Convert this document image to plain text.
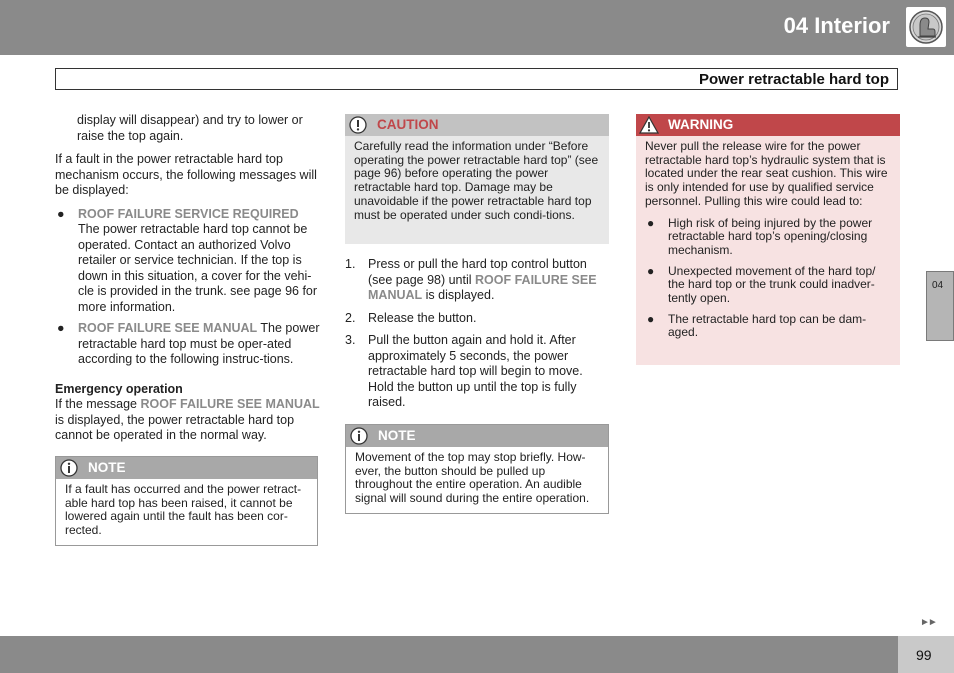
04 Interior
Power retractable hard top

display will disappear) and try to lower or raise the top again.

If a fault in the power retractable hard top mechanism occurs, the following messages will be displayed:

● ROOF FAILURE SERVICE REQUIRED The power retractable hard top cannot be operated. Contact an authorized Volvo retailer or service technician. If the top is down in this situation, a cover for the vehi-cle is provided in the trunk. see page 96 for more information.
● ROOF FAILURE SEE MANUAL The power retractable hard top must be oper-ated according to the following instruc-tions.
Emergency operation

If the message ROOF FAILURE SEE MANUAL is displayed, the power retractable hard top cannot be operated in the normal way.

NOTE
If a fault has occurred and the power retract-able hard top has been raised, it cannot be lowered again until the fault has been cor-rected.
CAUTION
Carefully read the information under “Before operating the power retractable hard top” (see page 96) before operating the power retractable hard top. Damage may be unavoidable if the power retractable hard top must be operated under such condi-tions.
1. Press or pull the hard top control button (see page 98) until ROOF FAILURE SEE MANUAL is displayed.
2. Release the button.
3. Pull the button again and hold it. After approximately 5 seconds, the power retractable hard top will begin to move. Hold the button up until the top is fully raised.
NOTE
Movement of the top may stop briefly. How-ever, the button should be pulled up throughout the entire operation. An audible signal will sound during the entire operation.
WARNING
Never pull the release wire for the power retractable hard top’s hydraulic system that is located under the rear seat cushion. This wire is only intended for use by qualified service personnel. Pulling this wire could lead to:
● High risk of being injured by the power retractable hard top’s opening/closing mechanism.
● Unexpected movement of the hard top/ the hard top or the trunk could inadver-tently open.
● The retractable hard top can be dam-aged.
04
►►
99
